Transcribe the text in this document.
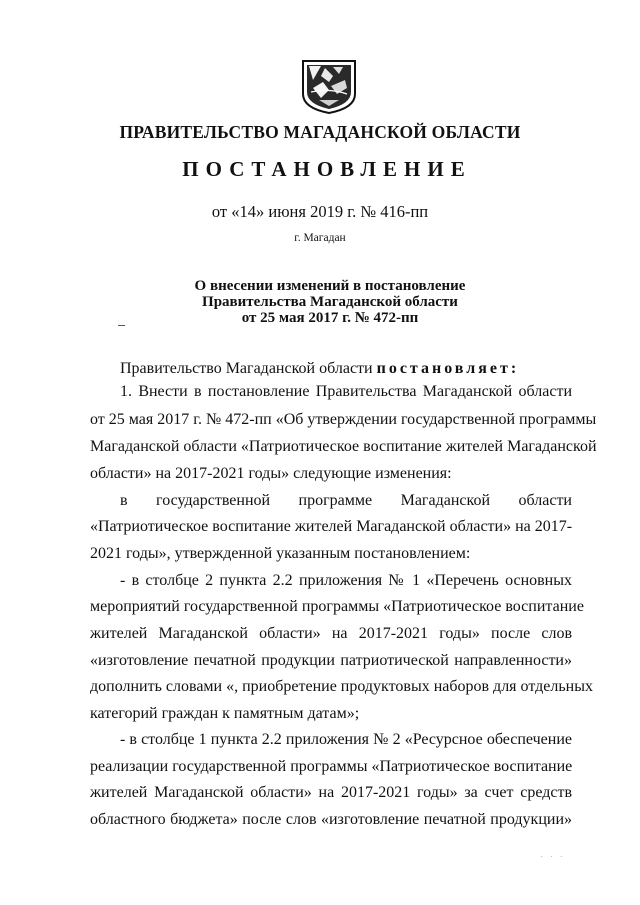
ПРАВИТЕЛЬСТВО МАГАДАНСКОЙ ОБЛАСТИ
ПОСТАНОВЛЕНИЕ
от «14» июня 2019 г. № 416-пп
г. Магадан
О внесении изменений в постановление
Правительства Магаданской области
от 25 мая 2017 г. № 472-пп
Правительство Магаданской области постановляет:
1. Внести в постановление Правительства Магаданской области
от 25 мая 2017 г. № 472-пп «Об утверждении государственной программы
Магаданской области «Патриотическое воспитание жителей Магаданской
области» на 2017-2021 годы» следующие изменения:
в государственной программе Магаданской области
«Патриотическое воспитание жителей Магаданской области» на 2017-
2021 годы», утвержденной указанным постановлением:
- в столбце 2 пункта 2.2 приложения № 1 «Перечень основных
мероприятий государственной программы «Патриотическое воспитание
жителей Магаданской области» на 2017-2021 годы» после слов
«изготовление печатной продукции патриотической направленности»
дополнить словами «, приобретение продуктовых наборов для отдельных
категорий граждан к памятным датам»;
- в столбце 1 пункта 2.2 приложения № 2 «Ресурсное обеспечение
реализации государственной программы «Патриотическое воспитание
жителей Магаданской области» на 2017-2021 годы» за счет средств
областного бюджета» после слов «изготовление печатной продукции»
· · ·
